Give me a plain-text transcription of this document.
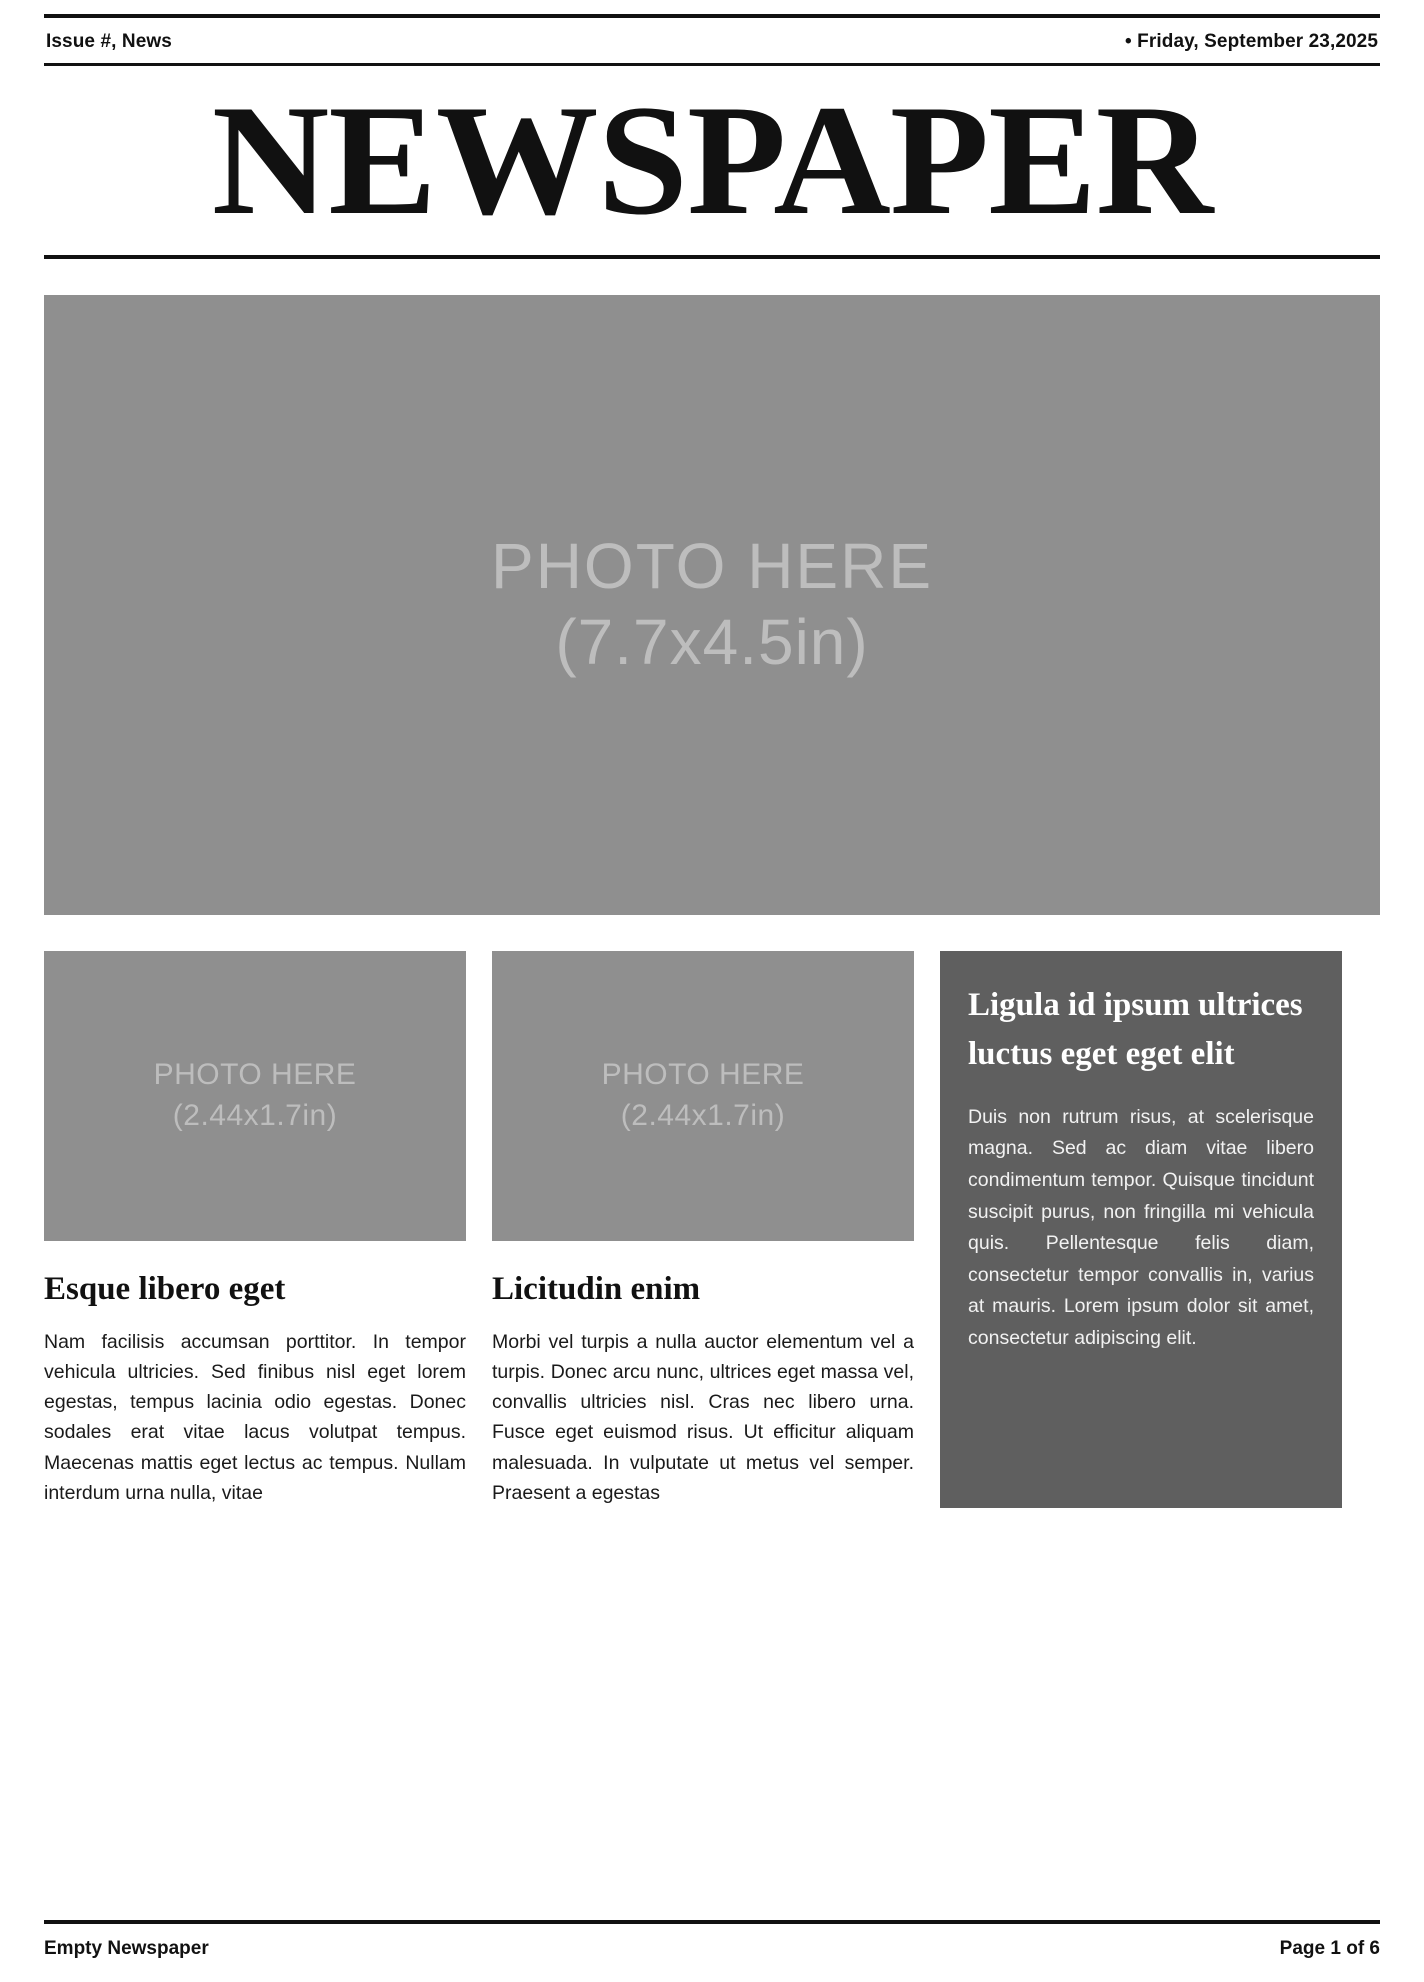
Issue #, News	• Friday, September 23,2025
NEWSPAPER
PHOTO HERE
(7.7x4.5in)
PHOTO HERE
(2.44x1.7in)
Esque libero eget
Nam facilisis accumsan porttitor. In tempor vehicula ultricies. Sed finibus nisl eget lorem egestas, tempus lacinia odio egestas. Donec sodales erat vitae lacus volutpat tempus. Maecenas mattis eget lectus ac tempus. Nullam interdum urna nulla, vitae
PHOTO HERE
(2.44x1.7in)
Licitudin enim
Morbi vel turpis a nulla auctor elementum vel a turpis. Donec arcu nunc, ultrices eget massa vel, convallis ultricies nisl. Cras nec libero urna. Fusce eget euismod risus. Ut efficitur aliquam malesuada. In vulputate ut metus vel semper. Praesent a egestas
Ligula id ipsum ultrices luctus eget eget elit
Duis non rutrum risus, at scelerisque magna. Sed ac diam vitae libero condimentum tempor. Quisque tincidunt suscipit purus, non fringilla mi vehicula quis. Pellentesque felis diam, consectetur tempor convallis in, varius at mauris. Lorem ipsum dolor sit amet, consectetur adipiscing elit.
Empty Newspaper	Page 1 of 6
